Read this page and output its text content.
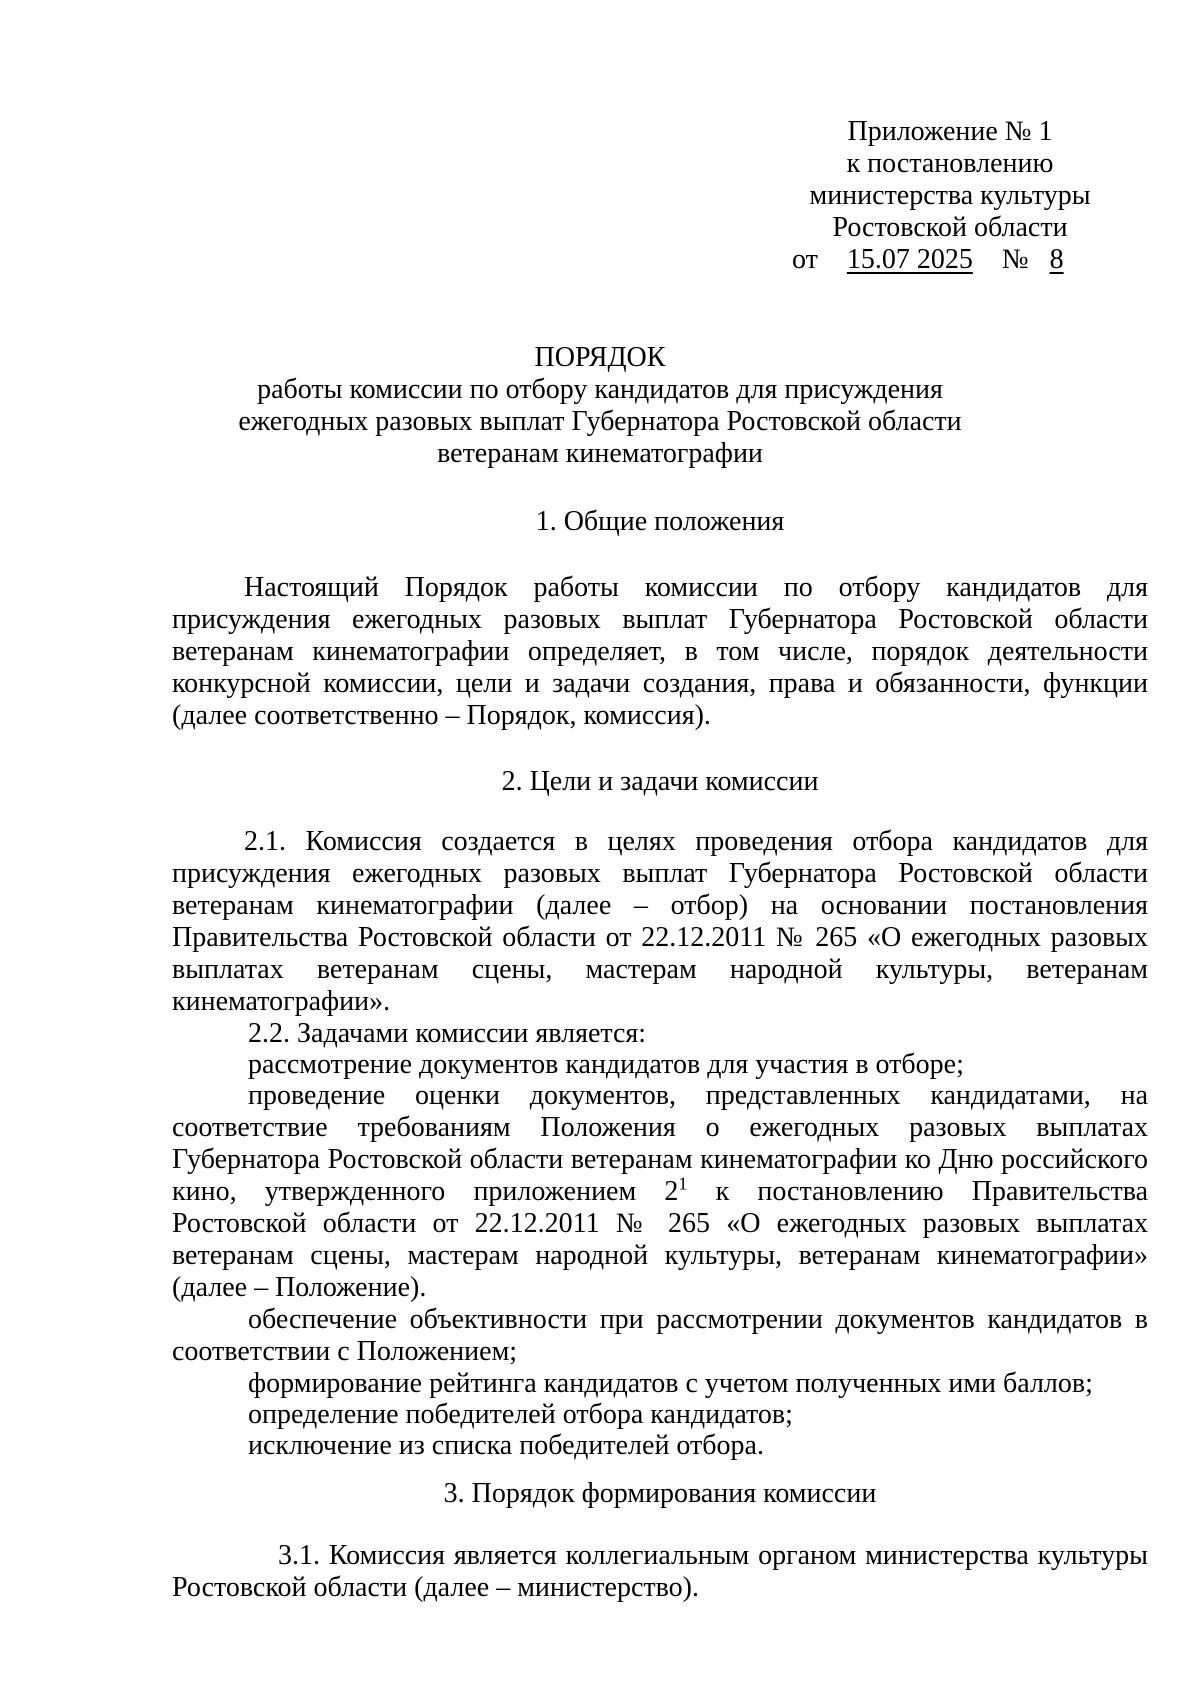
Приложение № 1
к постановлению
министерства культуры
Ростовской области
от 15.07 2025 № 8
ПОРЯДОК
работы комиссии по отбору кандидатов для присуждения
ежегодных разовых выплат Губернатора Ростовской области
ветеранам кинематографии
1. Общие положения

Настоящий Порядок работы комиссии по отбору кандидатов для присуждения ежегодных разовых выплат Губернатора Ростовской области ветеранам кинематографии определяет, в том числе, порядок деятельности конкурсной комиссии, цели и задачи создания, права и обязанности, функции (далее соответственно – Порядок, комиссия).

2. Цели и задачи комиссии

2.1. Комиссия создается в целях проведения отбора кандидатов для присуждения ежегодных разовых выплат Губернатора Ростовской области ветеранам кинематографии (далее – отбор) на основании постановления Правительства Ростовской области от 22.12.2011 № 265 «О ежегодных разовых выплатах ветеранам сцены, мастерам народной культуры, ветеранам кинематографии».

2.2. Задачами комиссии является:

рассмотрение документов кандидатов для участия в отборе;

проведение оценки документов, представленных кандидатами, на соответствие требованиям Положения о ежегодных разовых выплатах Губернатора Ростовской области ветеранам кинематографии ко Дню российского кино, утвержденного приложением $2^1$ к постановлению Правительства Ростовской области от 22.12.2011 № 265 «О ежегодных разовых выплатах ветеранам сцены, мастерам народной культуры, ветеранам кинематографии» (далее – Положение).

обеспечение объективности при рассмотрении документов кандидатов в соответствии с Положением;

формирование рейтинга кандидатов с учетом полученных ими баллов;

определение победителей отбора кандидатов;

исключение из списка победителей отбора.

3. Порядок формирования комиссии

3.1. Комиссия является коллегиальным органом министерства культуры Ростовской области (далее – министерство).
